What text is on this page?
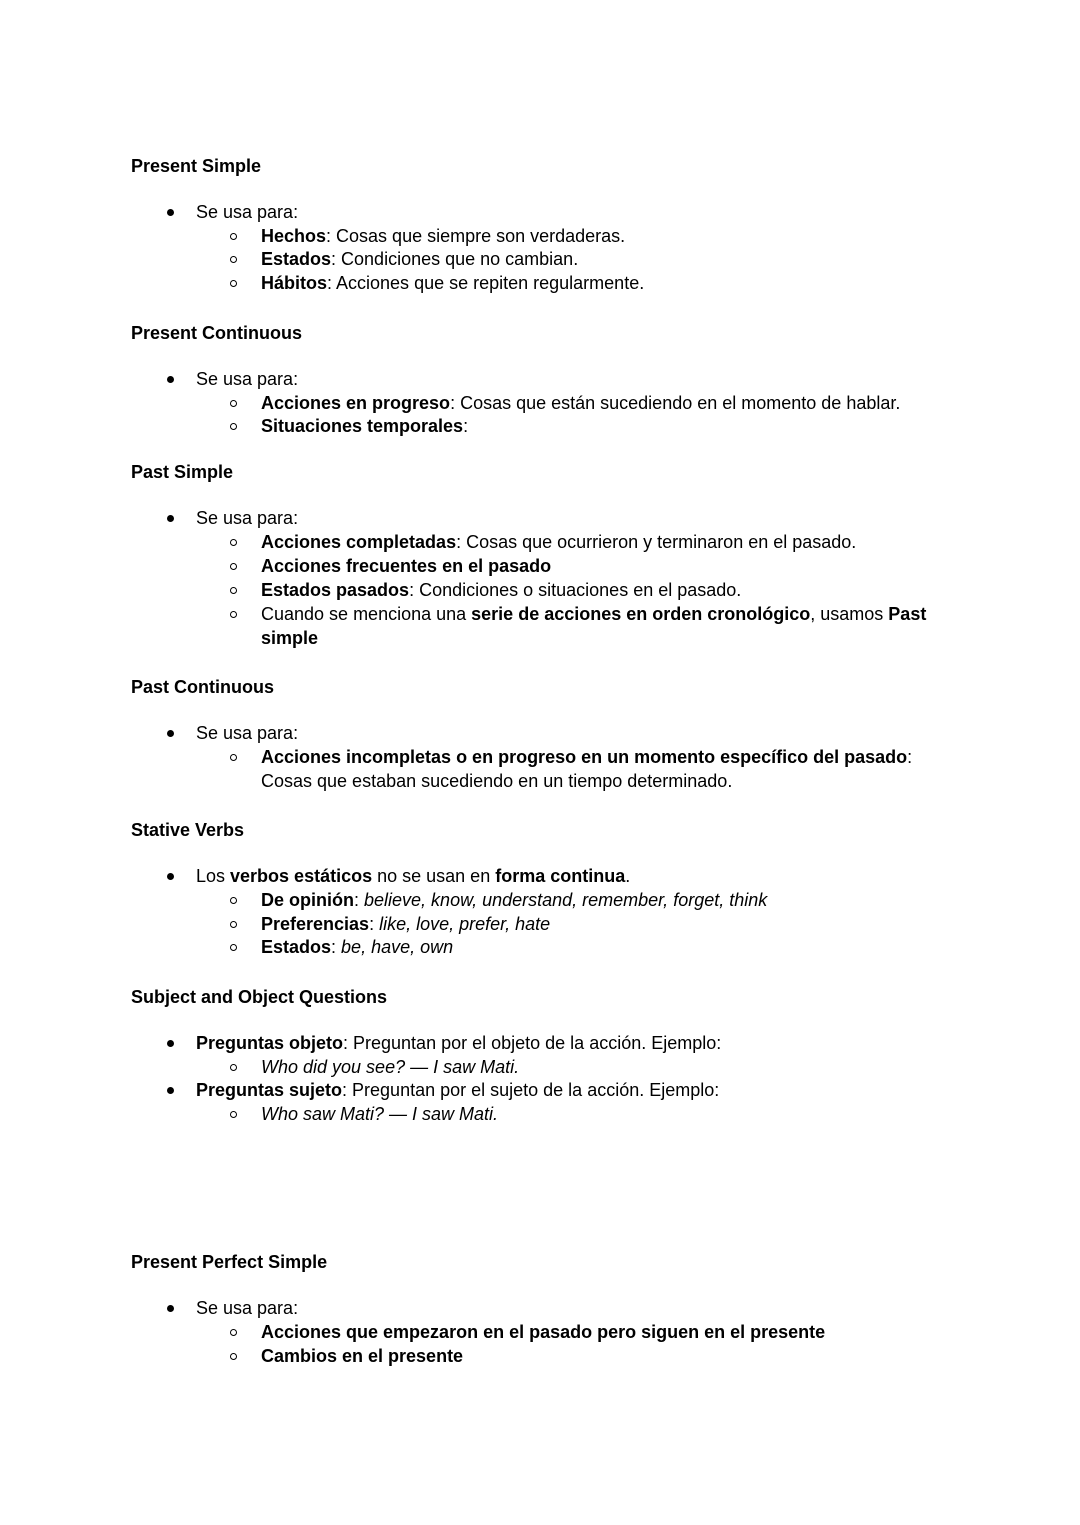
Present Simple
Se usa para:
Hechos: Cosas que siempre son verdaderas.
Estados: Condiciones que no cambian.
Hábitos: Acciones que se repiten regularmente.
Present Continuous
Se usa para:
Acciones en progreso: Cosas que están sucediendo en el momento de hablar.
Situaciones temporales:
Past Simple
Se usa para:
Acciones completadas: Cosas que ocurrieron y terminaron en el pasado.
Acciones frecuentes en el pasado
Estados pasados: Condiciones o situaciones en el pasado.
Cuando se menciona una serie de acciones en orden cronológico, usamos Past simple
Past Continuous
Se usa para:
Acciones incompletas o en progreso en un momento específico del pasado: Cosas que estaban sucediendo en un tiempo determinado.
Stative Verbs
Los verbos estáticos no se usan en forma continua.
De opinión: believe, know, understand, remember, forget, think
Preferencias: like, love, prefer, hate
Estados: be, have, own
Subject and Object Questions
Preguntas objeto: Preguntan por el objeto de la acción. Ejemplo:
Who did you see? — I saw Mati.
Preguntas sujeto: Preguntan por el sujeto de la acción. Ejemplo:
Who saw Mati? — I saw Mati.
Present Perfect Simple
Se usa para:
Acciones que empezaron en el pasado pero siguen en el presente
Cambios en el presente
